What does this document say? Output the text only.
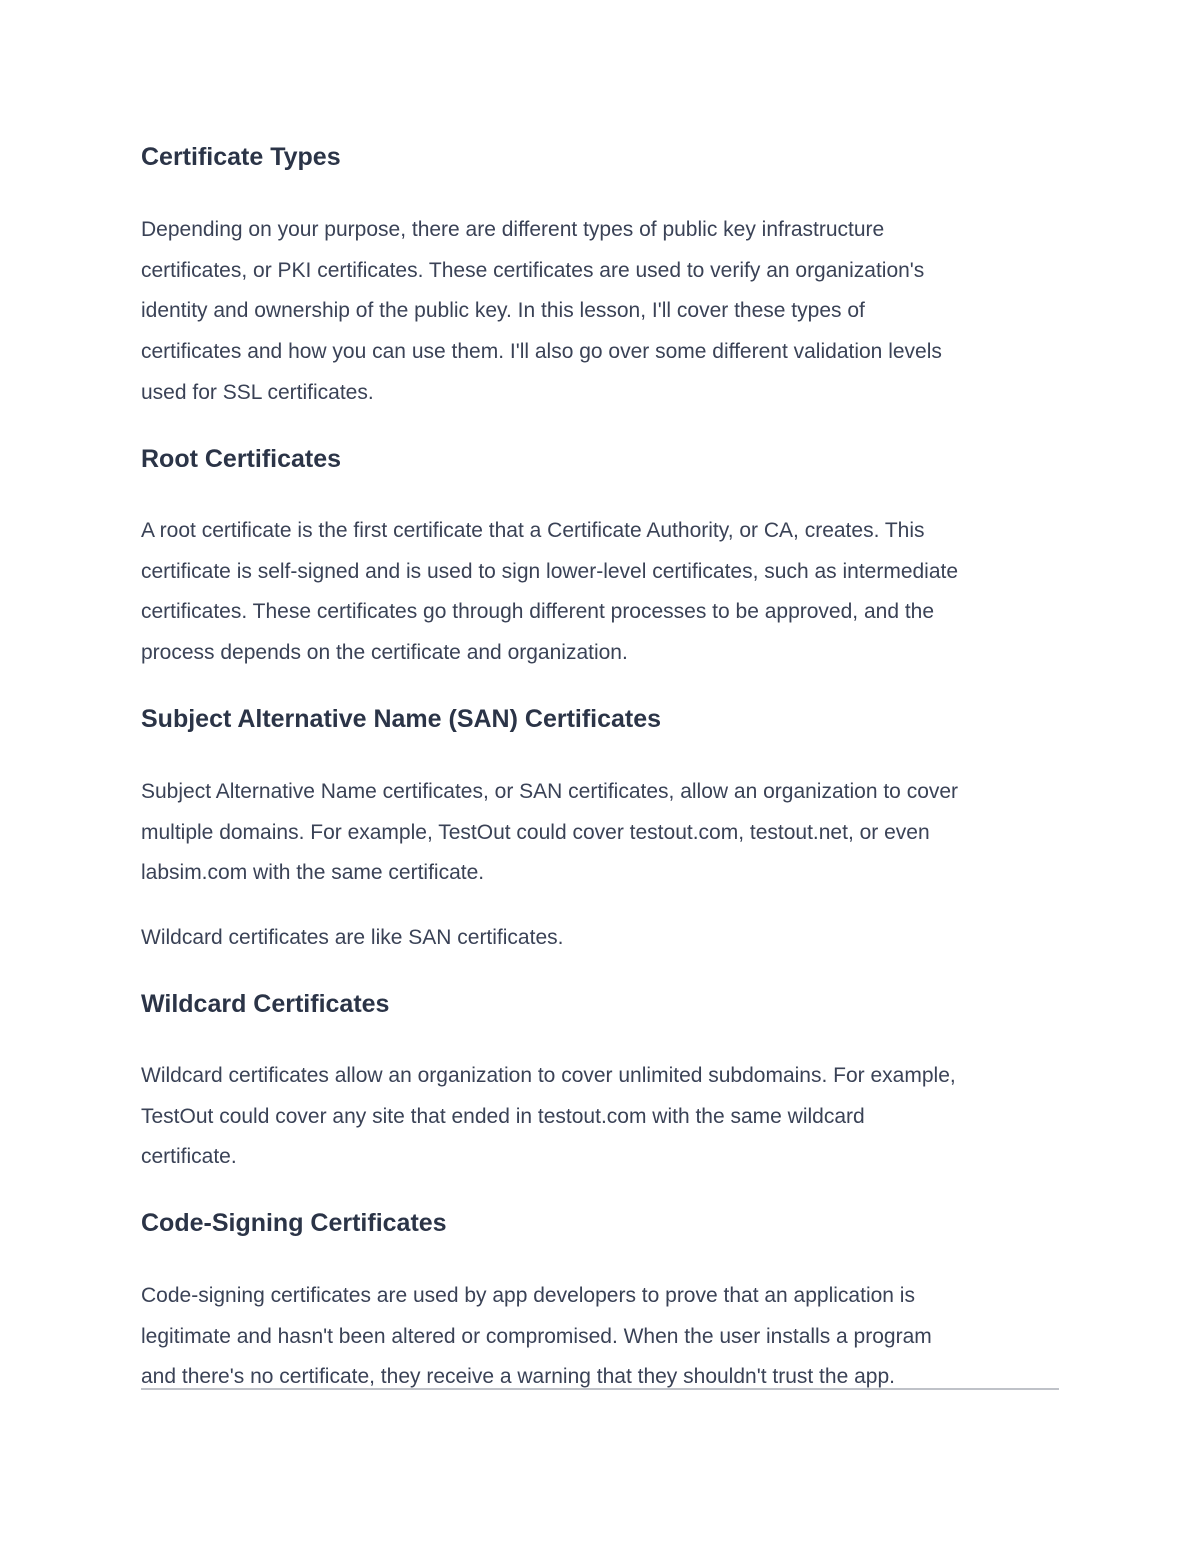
Certificate Types

Depending on your purpose, there are different types of public key infrastructure
certificates, or PKI certificates. These certificates are used to verify an organization's
identity and ownership of the public key. In this lesson, I'll cover these types of
certificates and how you can use them. I'll also go over some different validation levels
used for SSL certificates.

Root Certificates

A root certificate is the first certificate that a Certificate Authority, or CA, creates. This
certificate is self-signed and is used to sign lower-level certificates, such as intermediate
certificates. These certificates go through different processes to be approved, and the
process depends on the certificate and organization.

Subject Alternative Name (SAN) Certificates

Subject Alternative Name certificates, or SAN certificates, allow an organization to cover
multiple domains. For example, TestOut could cover testout.com, testout.net, or even
labsim.com with the same certificate.

Wildcard certificates are like SAN certificates.

Wildcard Certificates

Wildcard certificates allow an organization to cover unlimited subdomains. For example,
TestOut could cover any site that ended in testout.com with the same wildcard
certificate.

Code-Signing Certificates

Code-signing certificates are used by app developers to prove that an application is
legitimate and hasn't been altered or compromised. When the user installs a program
and there's no certificate, they receive a warning that they shouldn't trust the app.
